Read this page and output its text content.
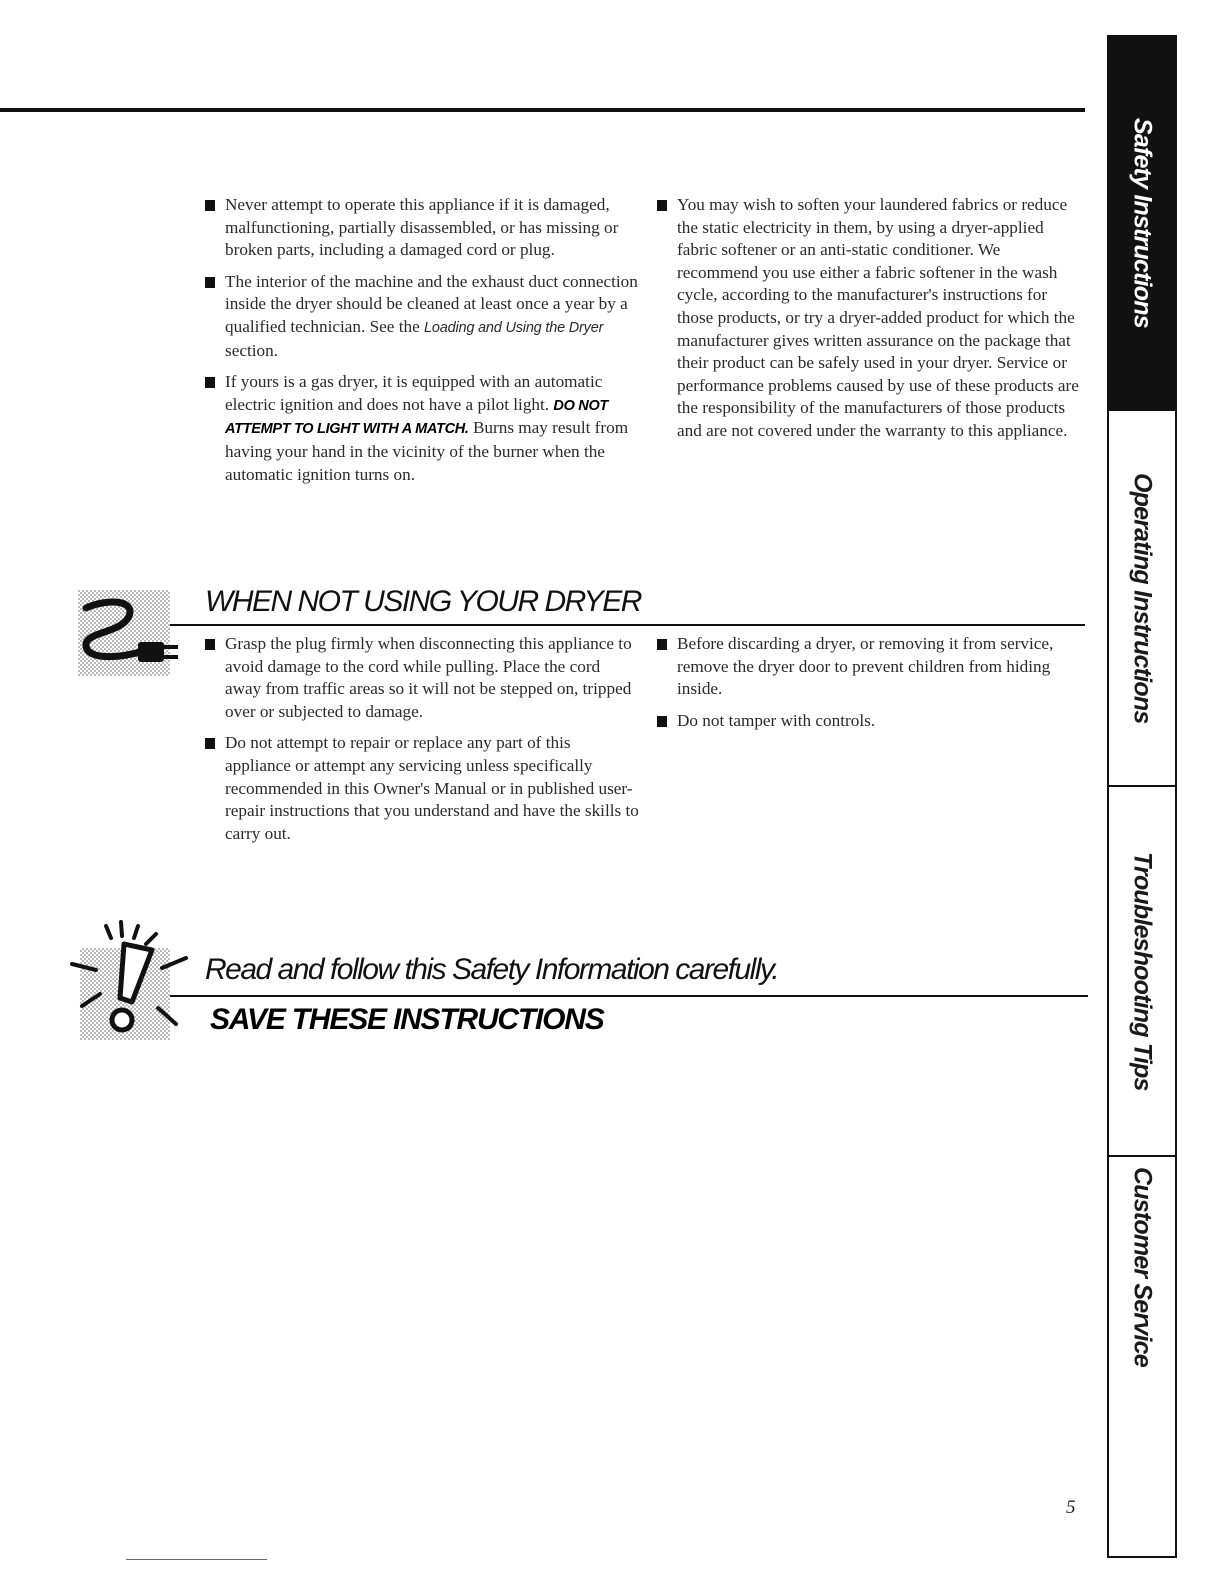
Never attempt to operate this appliance if it is damaged, malfunctioning, partially disassembled, or has missing or broken parts, including a damaged cord or plug.

The interior of the machine and the exhaust duct connection inside the dryer should be cleaned at least once a year by a qualified technician. See the Loading and Using the Dryer section.

If yours is a gas dryer, it is equipped with an automatic electric ignition and does not have a pilot light. DO NOT ATTEMPT TO LIGHT WITH A MATCH. Burns may result from having your hand in the vicinity of the burner when the automatic ignition turns on.

You may wish to soften your laundered fabrics or reduce the static electricity in them, by using a dryer-applied fabric softener or an anti-static conditioner. We recommend you use either a fabric softener in the wash cycle, according to the manufacturer's instructions for those products, or try a dryer-added product for which the manufacturer gives written assurance on the package that their product can be safely used in your dryer. Service or performance problems caused by use of these products are the responsibility of the manufacturers of those products and are not covered under the warranty to this appliance.

WHEN NOT USING YOUR DRYER

Grasp the plug firmly when disconnecting this appliance to avoid damage to the cord while pulling. Place the cord away from traffic areas so it will not be stepped on, tripped over or subjected to damage.

Do not attempt to repair or replace any part of this appliance or attempt any servicing unless specifically recommended in this Owner's Manual or in published user-repair instructions that you understand and have the skills to carry out.

Before discarding a dryer, or removing it from service, remove the dryer door to prevent children from hiding inside.

Do not tamper with controls.

Read and follow this Safety Information carefully.
SAVE THESE INSTRUCTIONS
Safety Instructions
Operating Instructions
Troubleshooting Tips
Customer Service
5
